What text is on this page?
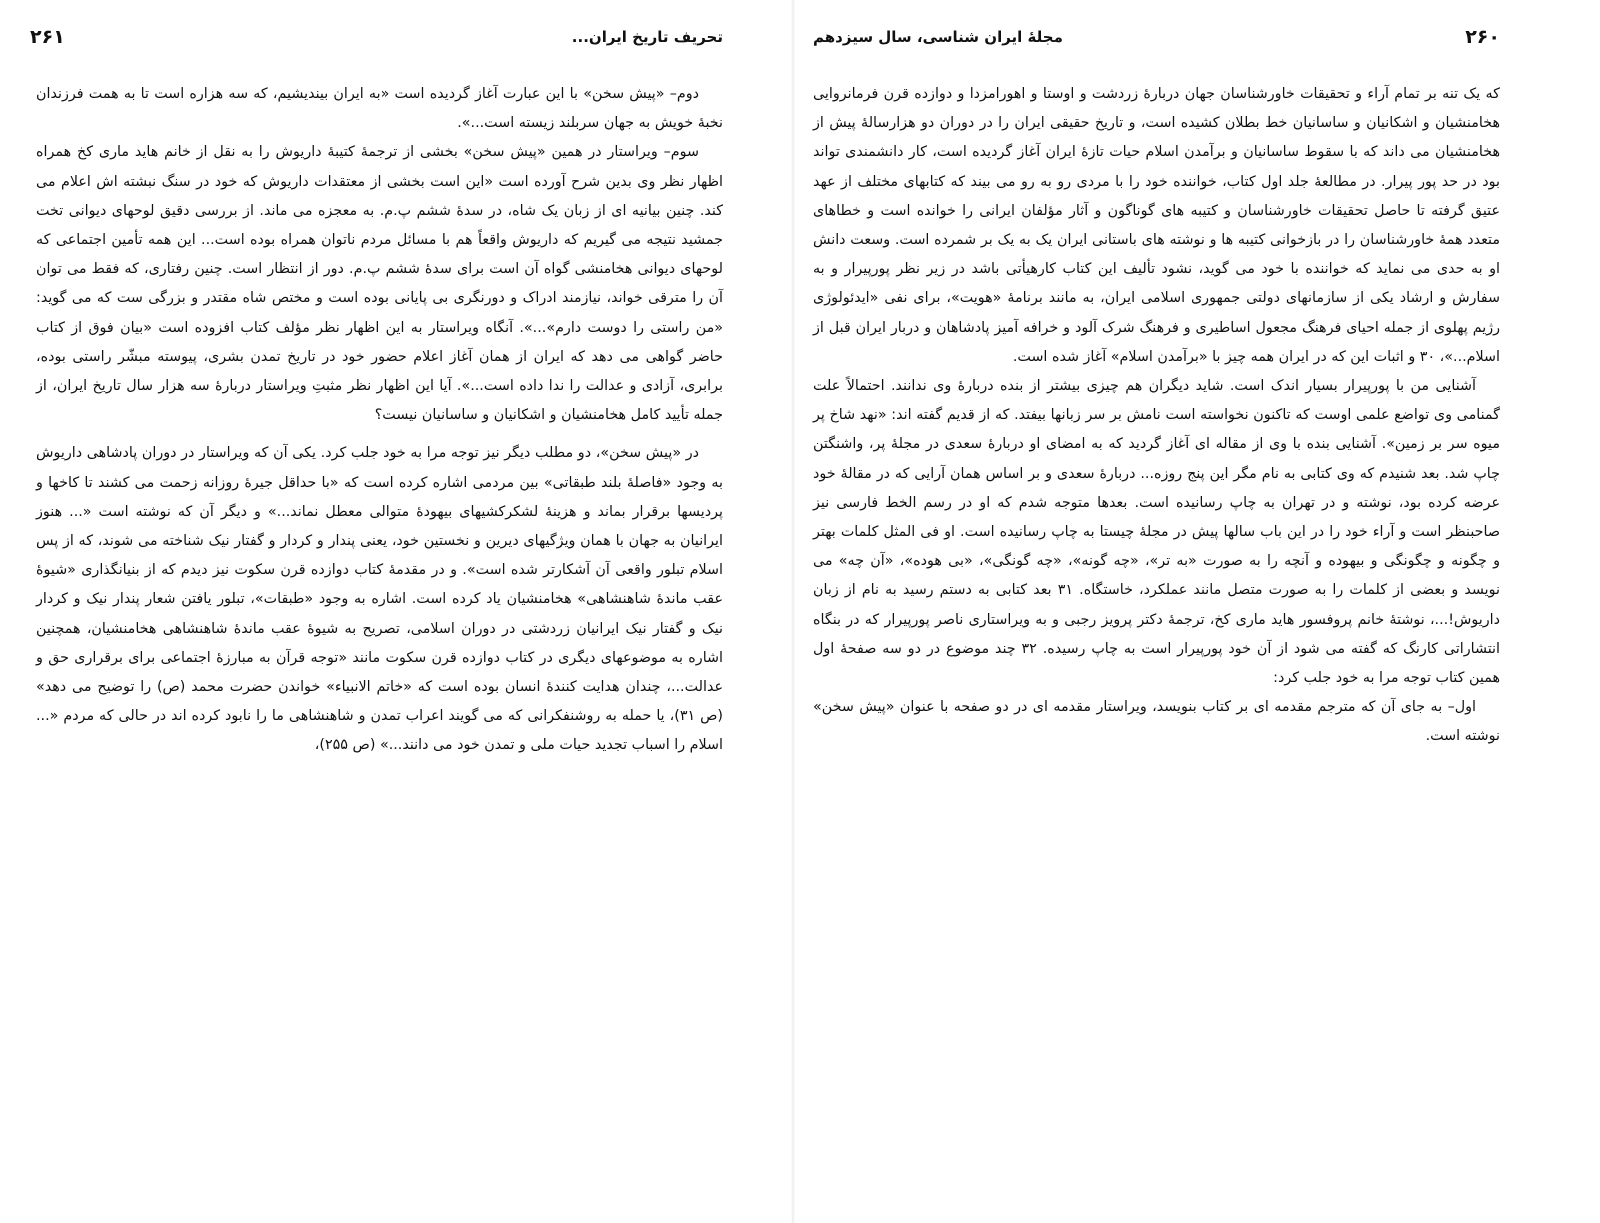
تحریف تاریخ ایران...
۲۶۱

دوم– «پیش سخن» با این عبارت آغاز گردیده است «به ایران بیندیشیم، که سه هزاره است تا به همت فرزندان نخبهٔ خویش به جهان سربلند زیسته است...».

سوم– ویراستار در همین «پیش سخن» بخشی از ترجمهٔ کتیبهٔ داریوش را به نقل از خانم هاید ماری کخ همراه اظهار نظر وی بدین شرح آورده است «این است بخشی از معتقدات داریوش که خود در سنگ نبشته اش اعلام می کند. چنین بیانیه ای از زبان یک شاه، در سدهٔ ششم پ.م. به معجزه می ماند. از بررسی دقیق لوحهای دیوانی تخت جمشید نتیجه می گیریم که داریوش واقعاً هم با مسائل مردم ناتوان همراه بوده است... این همه تأمین اجتماعی که لوحهای دیوانی هخامنشی گواه آن است برای سدهٔ ششم پ.م. دور از انتظار است. چنین رفتاری، که فقط می توان آن را مترقی خواند، نیازمند ادراک و دورنگری بی پایانی بوده است و مختص شاه مقتدر و بزرگی ست که می گوید: «من راستی را دوست دارم»...». آنگاه ویراستار به این اظهار نظر مؤلف کتاب افزوده است «بیان فوق از کتاب حاضر گواهی می دهد که ایران از همان آغاز اعلام حضور خود در تاریخ تمدن بشری، پیوسته مبشّر راستی بوده، برابری، آزادی و عدالت را ندا داده است...». آیا این اظهار نظر مثبتِ ویراستار دربارهٔ سه هزار سال تاریخ ایران، از جمله تأیید کامل هخامنشیان و اشکانیان و ساسانیان نیست؟

در «پیش سخن»، دو مطلب دیگر نیز توجه مرا به خود جلب کرد. یکی آن که ویراستار در دوران پادشاهی داریوش به وجود «فاصلهٔ بلند طبقاتی» بین مردمی اشاره کرده است که «با حداقل جیرهٔ روزانه زحمت می کشند تا کاخها و پردیسها برقرار بماند و هزینهٔ لشکرکشیهای بیهودهٔ متوالی معطل نماند...» و دیگر آن که نوشته است «... هنوز ایرانیان به جهان با همان ویژگیهای دیرین و نخستین خود، یعنی پندار و کردار و گفتار نیک شناخته می شوند، که از پس اسلام تبلور واقعی آن آشکارتر شده است». و در مقدمهٔ کتاب دوازده قرن سکوت نیز دیدم که از بنیانگذاری «شیوهٔ عقب ماندهٔ شاهنشاهی» هخامنشیان یاد کرده است. اشاره به وجود «طبقات»، تبلور یافتن شعار پندار نیک و کردار نیک و گفتار نیک ایرانیان زردشتی در دوران اسلامی، تصریح به شیوهٔ عقب ماندهٔ شاهنشاهی هخامنشیان، همچنین اشاره به موضوعهای دیگری در کتاب دوازده قرن سکوت مانند «توجه قرآن به مبارزهٔ اجتماعی برای برقراری حق و عدالت...، چندان هدایت کنندهٔ انسان بوده است که «خاتم الانبیاء» خواندن حضرت محمد (ص) را توضیح می دهد» (ص ۳۱)، یا حمله به روشنفکرانی که می گویند اعراب تمدن و شاهنشاهی ما را نابود کرده اند در حالی که مردم «... اسلام را اسباب تجدید حیات ملی و تمدن خود می دانند...» (ص ۲۵۵)،

۲۶۰
مجلهٔ ایران شناسی، سال سیزدهم

که یک تنه بر تمام آراء و تحقیقات خاورشناسان جهان دربارهٔ زردشت و اوستا و اهورامزدا و دوازده قرن فرمانروایی هخامنشیان و اشکانیان و ساسانیان خط بطلان کشیده است، و تاریخ حقیقی ایران را در دوران دو هزارسالهٔ پیش از هخامنشیان می داند که با سقوط ساسانیان و برآمدن اسلام حیات تازهٔ ایران آغاز گردیده است، کار دانشمندی تواند بود در حد پور پیرار. در مطالعهٔ جلد اول کتاب، خواننده خود را با مردی رو به رو می بیند که کتابهای مختلف از عهد عتیق گرفته تا حاصل تحقیقات خاورشناسان و کتیبه های گوناگون و آثار مؤلفان ایرانی را خوانده است و خطاهای متعدد همهٔ خاورشناسان را در بازخوانی کتیبه ها و نوشته های باستانی ایران یک به یک بر شمرده است. وسعت دانش او به حدی می نماید که خواننده با خود می گوید، نشود تألیف این کتاب کارهیأتی باشد در زیر نظر پورپیرار و به سفارش و ارشاد یکی از سازمانهای دولتی جمهوری اسلامی ایران، به مانند برنامهٔ «هویت»، برای نفی «ایدئولوژی رژیم پهلوی از جمله احیای فرهنگ مجعول اساطیری و فرهنگ شرک آلود و خرافه آمیز پادشاهان و دربار ایران قبل از اسلام...»، ۳۰ و اثبات این که در ایران همه چیز با «برآمدن اسلام» آغاز شده است.

آشنایی من با پورپیرار بسیار اندک است. شاید دیگران هم چیزی بیشتر از بنده دربارهٔ وی ندانند. احتمالاً علت گمنامی وی تواضع علمی اوست که تاکنون نخواسته است نامش بر سر زبانها بیفتد. که از قدیم گفته اند: «نهد شاخ پر میوه سر بر زمین». آشنایی بنده با وی از مقاله ای آغاز گردید که به امضای او دربارهٔ سعدی در مجلهٔ پر، واشنگتن چاپ شد. بعد شنیدم که وی کتابی به نام مگر این پنج روزه... دربارهٔ سعدی و بر اساس همان آرایی که در مقالهٔ خود عرضه کرده بود، نوشته و در تهران به چاپ رسانیده است. بعدها متوجه شدم که او در رسم الخط فارسی نیز صاحبنظر است و آراء خود را در این باب سالها پیش در مجلهٔ چیستا به چاپ رسانیده است. او فی المثل کلمات بهتر و چگونه و چگونگی و بیهوده و آنچه را به صورت «به تر»، «چه گونه»، «چه گونگی»، «بی هوده»، «آن چه» می نویسد و بعضی از کلمات را به صورت متصل مانند عملکرد، خاستگاه. ۳۱ بعد کتابی به دستم رسید به نام از زبان داریوش!...، نوشتهٔ خانم پروفسور هاید ماری کخ، ترجمهٔ دکتر پرویز رجبی و به ویراستاری ناصر پورپیرار که در بنگاه انتشاراتی کارنگ که گفته می شود از آن خود پورپیرار است به چاپ رسیده. ۳۲ چند موضوع در دو سه صفحهٔ اول همین کتاب توجه مرا به خود جلب کرد:

اول– به جای آن که مترجم مقدمه ای بر کتاب بنویسد، ویراستار مقدمه ای در دو صفحه با عنوان «پیش سخن» نوشته است.
